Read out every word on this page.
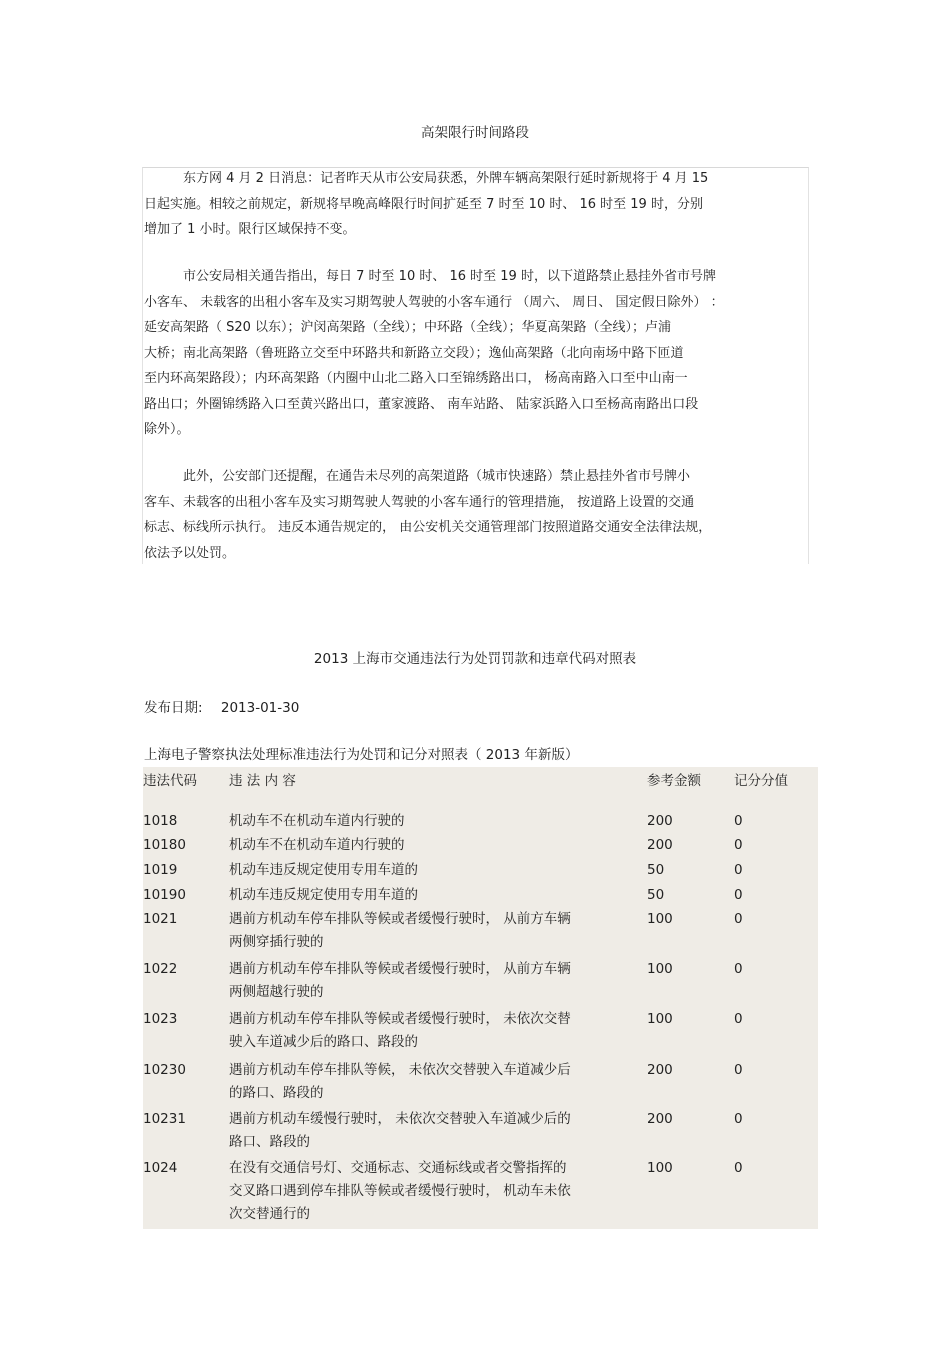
高架限行时间路段
东方网 4 月 2 日消息：记者昨天从市公安局获悉，外牌车辆高架限行延时新规将于 4 月 15
日起实施。相较之前规定，新规将早晚高峰限行时间扩延至 7 时至 10 时、 16 时至 19 时，分别
增加了 1 小时。限行区域保持不变。
市公安局相关通告指出，每日 7 时至 10 时、 16 时至 19 时，以下道路禁止悬挂外省市号牌
小客车、 未载客的出租小客车及实习期驾驶人驾驶的小客车通行 （周六、 周日、 国定假日除外） ：
延安高架路（ S20 以东）；沪闵高架路（全线）；中环路（全线）；华夏高架路（全线）；卢浦
大桥；南北高架路（鲁班路立交至中环路共和新路立交段）；逸仙高架路（北向南场中路下匝道
至内环高架路段）；内环高架路（内圈中山北二路入口至锦绣路出口， 杨高南路入口至中山南一
路出口；外圈锦绣路入口至黄兴路出口，董家渡路、 南车站路、 陆家浜路入口至杨高南路出口段
除外）。
此外，公安部门还提醒，在通告未尽列的高架道路（城市快速路）禁止悬挂外省市号牌小
客车、未载客的出租小客车及实习期驾驶人驾驶的小客车通行的管理措施， 按道路上设置的交通
标志、标线所示执行。 违反本通告规定的， 由公安机关交通管理部门按照道路交通安全法律法规，
依法予以处罚。
2013 上海市交通违法行为处罚罚款和违章代码对照表
发布日期: 2013-01-30
上海电子警察执法处理标准违法行为处罚和记分对照表（ 2013 年新版）
违法代码 违 法 内 容	参考金额 记分分值
1018	机动车不在机动车道内行驶的	200	0
10180	机动车不在机动车道内行驶的	200	0
1019	机动车违反规定使用专用车道的	50	0
10190	机动车违反规定使用专用车道的	50	0
1021	遇前方机动车停车排队等候或者缓慢行驶时， 从前方车辆
两侧穿插行驶的
100	0
1022	遇前方机动车停车排队等候或者缓慢行驶时， 从前方车辆
两侧超越行驶的
100	0
1023	遇前方机动车停车排队等候或者缓慢行驶时， 未依次交替
驶入车道减少后的路口、路段的
100	0
10230	遇前方机动车停车排队等候， 未依次交替驶入车道减少后
的路口、路段的
200	0
10231	遇前方机动车缓慢行驶时， 未依次交替驶入车道减少后的
路口、路段的
200	0
1024	在没有交通信号灯、交通标志、交通标线或者交警指挥的
交叉路口遇到停车排队等候或者缓慢行驶时， 机动车未依
次交替通行的
100	0
